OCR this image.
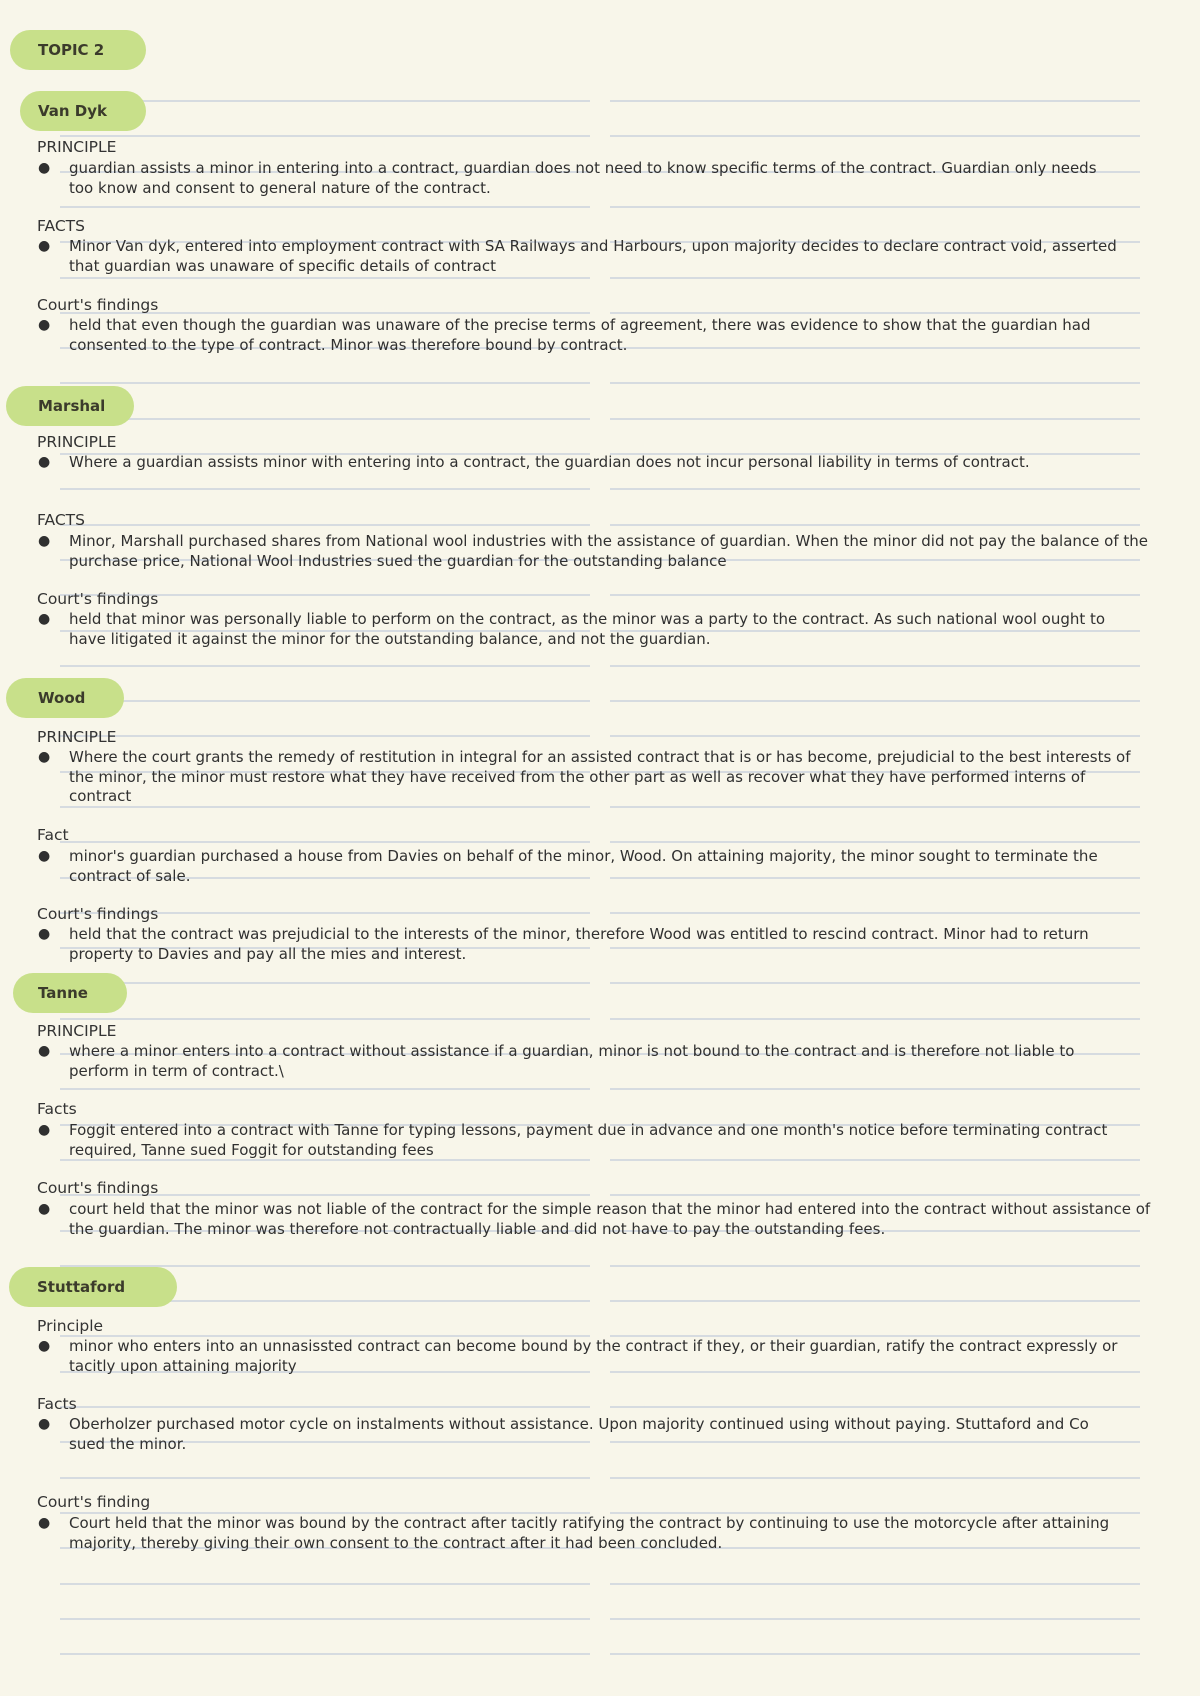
TOPIC 2
Van Dyk
PRINCIPLE
●	guardian assists a minor in entering into a contract, guardian does not need to know specific terms of the contract. Guardian only needs too know and consent to general nature of the contract.
FACTS
●	Minor Van dyk, entered into employment contract with SA Railways and Harbours, upon majority decides to declare contract void, asserted that guardian was unaware of specific details of contract
Court's findings
●	held that even though the guardian was unaware of the precise terms of agreement, there was evidence to show that the guardian had consented to the type of contract. Minor was therefore bound by contract.
Marshal
PRINCIPLE
●	Where a guardian assists minor with entering into a contract, the guardian does not incur personal liability in terms of contract.
FACTS
●	Minor, Marshall purchased shares from National wool industries with the assistance of guardian. When the minor did not pay the balance of the purchase price, National Wool Industries sued the guardian for the outstanding balance
Court's findings
●	held that minor was personally liable to perform on the contract, as the minor was a party to the contract. As such national wool ought to have litigated it against the minor for the outstanding balance, and not the guardian.
Wood
PRINCIPLE
●	Where the court grants the remedy of restitution in integral for an assisted contract that is or has become, prejudicial to the best interests of the minor, the minor must restore what they have received from the other part as well as recover what they have performed interns of contract
Fact
●	minor's guardian purchased a house from Davies on behalf of the minor, Wood. On attaining majority, the minor sought to terminate the contract of sale.
Court's findings
●	held that the contract was prejudicial to the interests of the minor, therefore Wood was entitled to rescind contract. Minor had to return property to Davies and pay all the mies and interest.
Tanne
PRINCIPLE
●	where a minor enters into a contract without assistance if a guardian, minor is not bound to the contract and is therefore not liable to perform in term of contract.\
Facts
●	Foggit entered into a contract with Tanne for typing lessons, payment due in advance and one month's notice before terminating contract required, Tanne sued Foggit for outstanding fees
Court's findings
●	court held that the minor was not liable of the contract for the simple reason that the minor had entered into the contract without assistance of the guardian. The minor was therefore not contractually liable and did not have to pay the outstanding fees.
Stuttaford
Principle
●	minor who enters into an unnasissted contract can become bound by the contract if they, or their guardian, ratify the contract expressly or tacitly upon attaining majority
Facts
●	Oberholzer purchased motor cycle on instalments without assistance. Upon majority continued using without paying. Stuttaford and Co sued the minor.
Court's finding
●	Court held that the minor was bound by the contract after tacitly ratifying the contract by continuing to use the motorcycle after attaining majority, thereby giving their own consent to the contract after it had been concluded.
